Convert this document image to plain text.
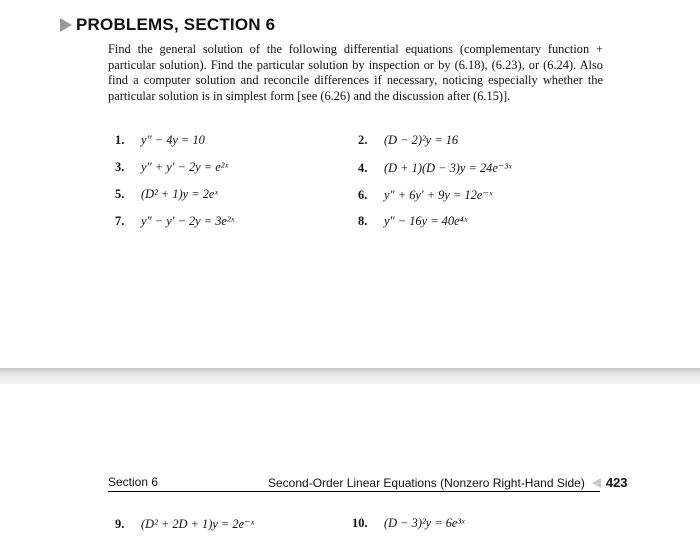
PROBLEMS, SECTION 6
Find the general solution of the following differential equations (complementary function + particular solution). Find the particular solution by inspection or by (6.18), (6.23), or (6.24). Also find a computer solution and reconcile differences if necessary, noticing especially whether the particular solution is in simplest form [see (6.26) and the discussion after (6.15)].
1. y″ − 4y = 10	2. (D − 2)²y = 16
3. y″ + y′ − 2y = e²ˣ	4. (D + 1)(D − 3)y = 24e⁻³ˣ
5. (D² + 1)y = 2eˣ	6. y″ + 6y′ + 9y = 12e⁻ˣ
7. y″ − y′ − 2y = 3e²ˣ	8. y″ − 16y = 40e⁴ˣ
Section 6	Second-Order Linear Equations (Nonzero Right-Hand Side) 423
9. (D² + 2D + 1)y = 2e⁻ˣ	10. (D − 3)²y = 6e³ˣ
